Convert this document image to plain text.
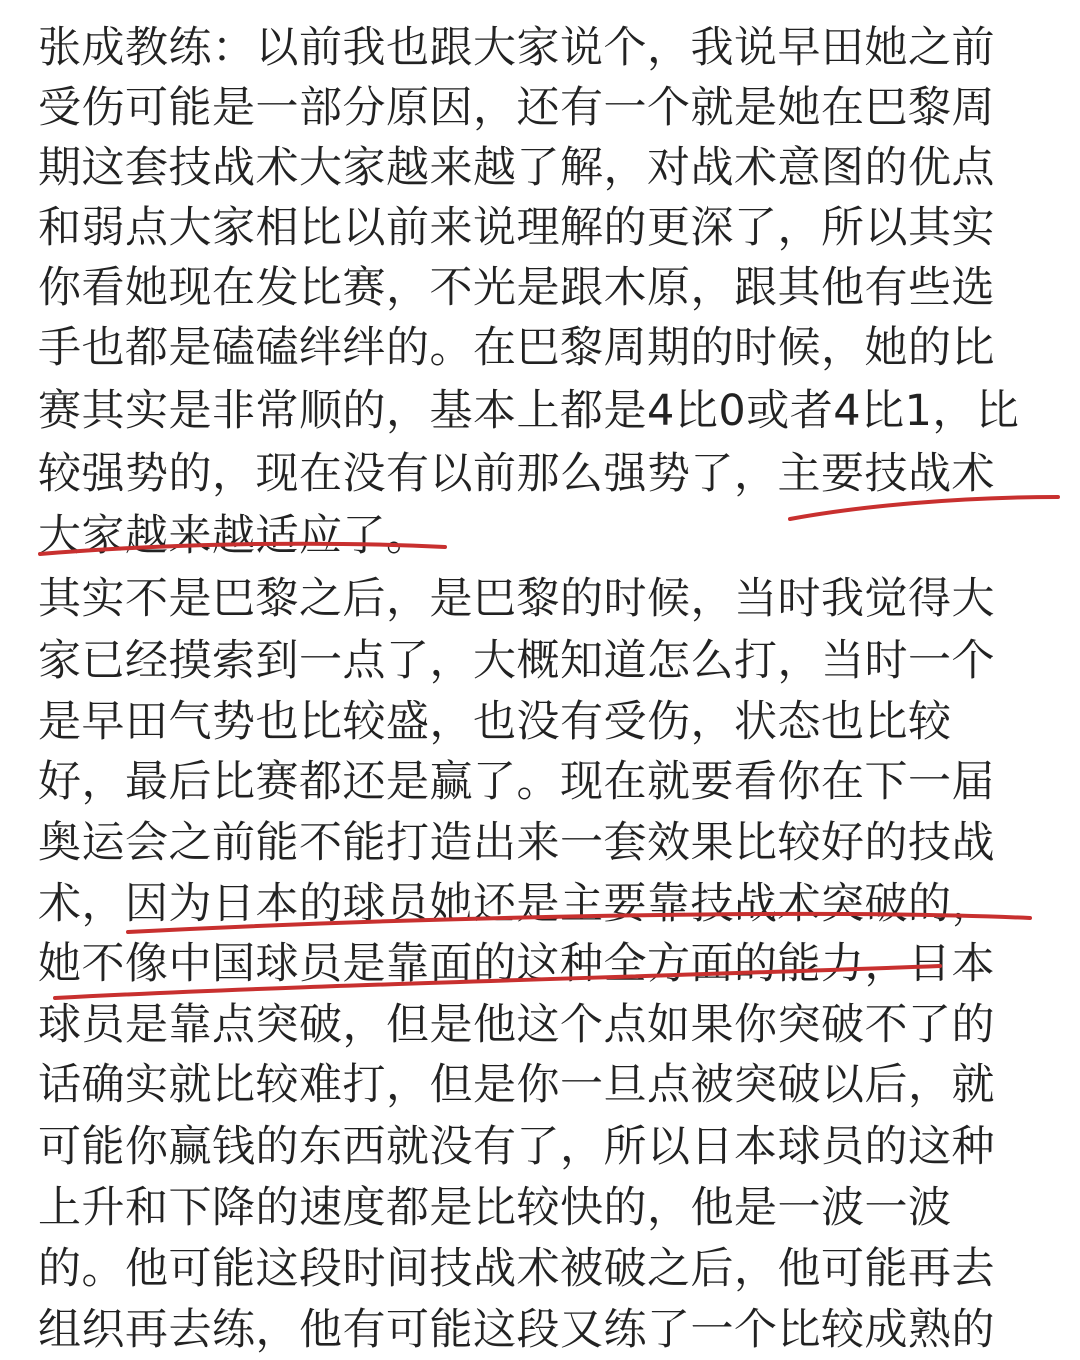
张成教练：以前我也跟大家说个，我说早田她之前
受伤可能是一部分原因，还有一个就是她在巴黎周
期这套技战术大家越来越了解，对战术意图的优点
和弱点大家相比以前来说理解的更深了，所以其实
你看她现在发比赛，不光是跟木原，跟其他有些选
手也都是磕磕绊绊的。在巴黎周期的时候，她的比
赛其实是非常顺的，基本上都是4比0或者4比1，比
较强势的，现在没有以前那么强势了，主要技战术
大家越来越适应了。
其实不是巴黎之后，是巴黎的时候，当时我觉得大
家已经摸索到一点了，大概知道怎么打，当时一个
是早田气势也比较盛，也没有受伤，状态也比较
好，最后比赛都还是赢了。现在就要看你在下一届
奥运会之前能不能打造出来一套效果比较好的技战
术，因为日本的球员她还是主要靠技战术突破的，
她不像中国球员是靠面的这种全方面的能力，日本
球员是靠点突破，但是他这个点如果你突破不了的
话确实就比较难打，但是你一旦点被突破以后，就
可能你赢钱的东西就没有了，所以日本球员的这种
上升和下降的速度都是比较快的，他是一波一波
的。他可能这段时间技战术被破之后，他可能再去
组织再去练，他有可能这段又练了一个比较成熟的
